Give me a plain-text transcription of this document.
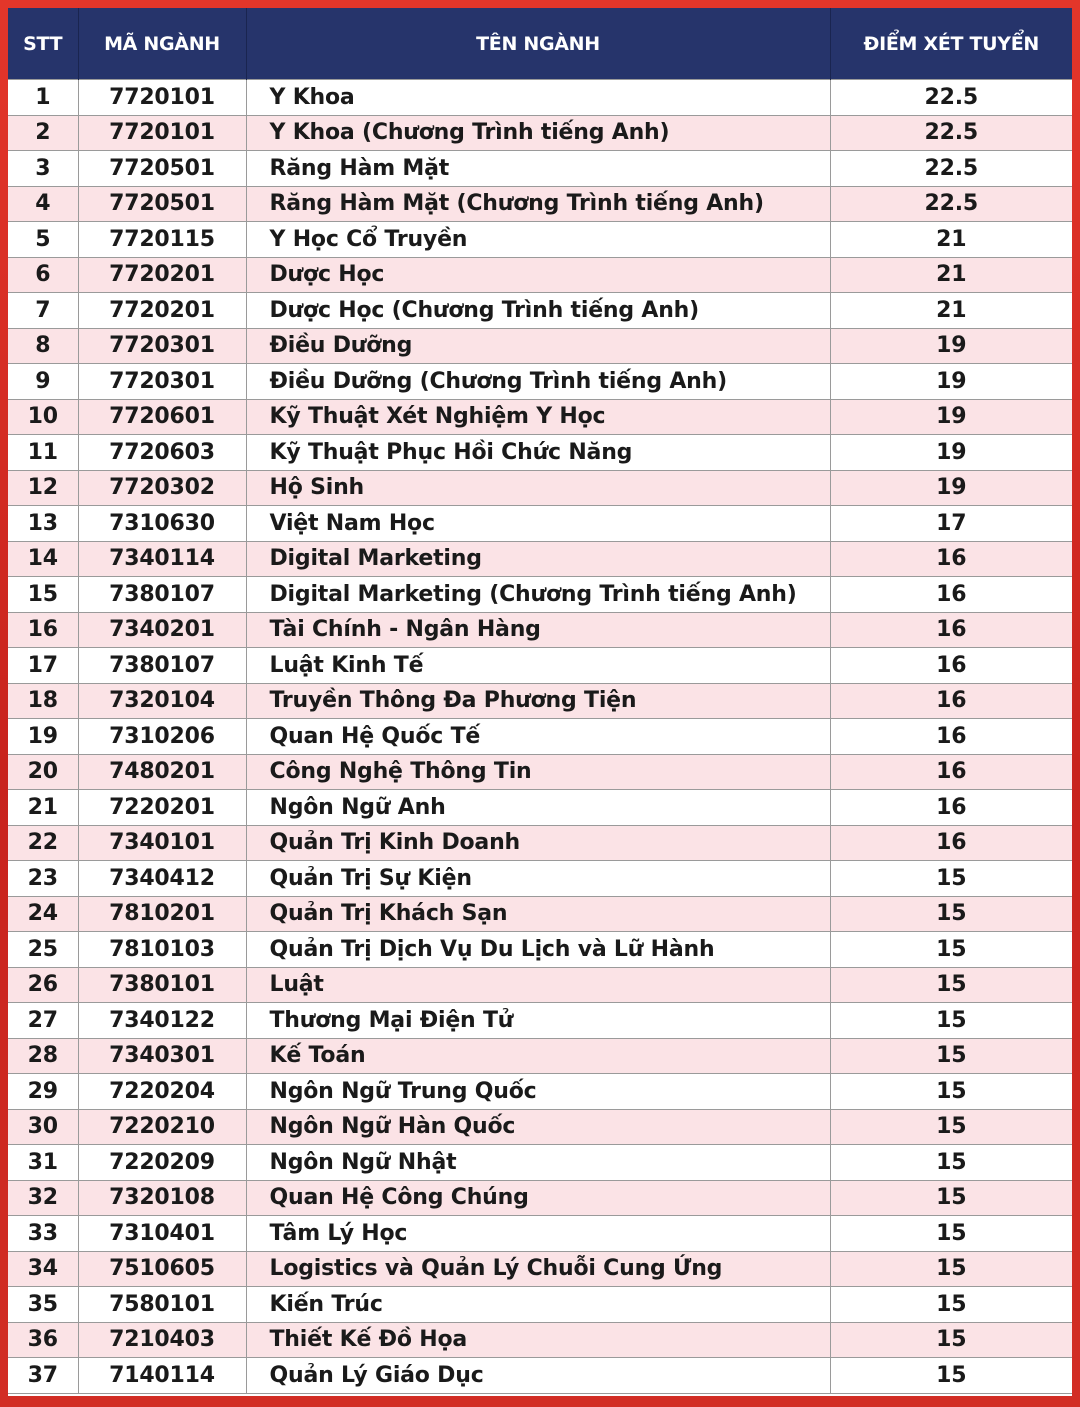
STT	MÃ NGÀNH	TÊN NGÀNH	ĐIỂM XÉT TUYỂN
1	7720101	Y Khoa	22.5
2	7720101	Y Khoa (Chương Trình tiếng Anh)	22.5
3	7720501	Răng Hàm Mặt	22.5
4	7720501	Răng Hàm Mặt (Chương Trình tiếng Anh)	22.5
5	7720115	Y Học Cổ Truyền	21
6	7720201	Dược Học	21
7	7720201	Dược Học (Chương Trình tiếng Anh)	21
8	7720301	Điều Dưỡng	19
9	7720301	Điều Dưỡng (Chương Trình tiếng Anh)	19
10	7720601	Kỹ Thuật Xét Nghiệm Y Học	19
11	7720603	Kỹ Thuật Phục Hồi Chức Năng	19
12	7720302	Hộ Sinh	19
13	7310630	Việt Nam Học	17
14	7340114	Digital Marketing	16
15	7380107	Digital Marketing (Chương Trình tiếng Anh)	16
16	7340201	Tài Chính - Ngân Hàng	16
17	7380107	Luật Kinh Tế	16
18	7320104	Truyền Thông Đa Phương Tiện	16
19	7310206	Quan Hệ Quốc Tế	16
20	7480201	Công Nghệ Thông Tin	16
21	7220201	Ngôn Ngữ Anh	16
22	7340101	Quản Trị Kinh Doanh	16
23	7340412	Quản Trị Sự Kiện	15
24	7810201	Quản Trị Khách Sạn	15
25	7810103	Quản Trị Dịch Vụ Du Lịch và Lữ Hành	15
26	7380101	Luật	15
27	7340122	Thương Mại Điện Tử	15
28	7340301	Kế Toán	15
29	7220204	Ngôn Ngữ Trung Quốc	15
30	7220210	Ngôn Ngữ Hàn Quốc	15
31	7220209	Ngôn Ngữ Nhật	15
32	7320108	Quan Hệ Công Chúng	15
33	7310401	Tâm Lý Học	15
34	7510605	Logistics và Quản Lý Chuỗi Cung Ứng	15
35	7580101	Kiến Trúc	15
36	7210403	Thiết Kế Đồ Họa	15
37	7140114	Quản Lý Giáo Dục	15
